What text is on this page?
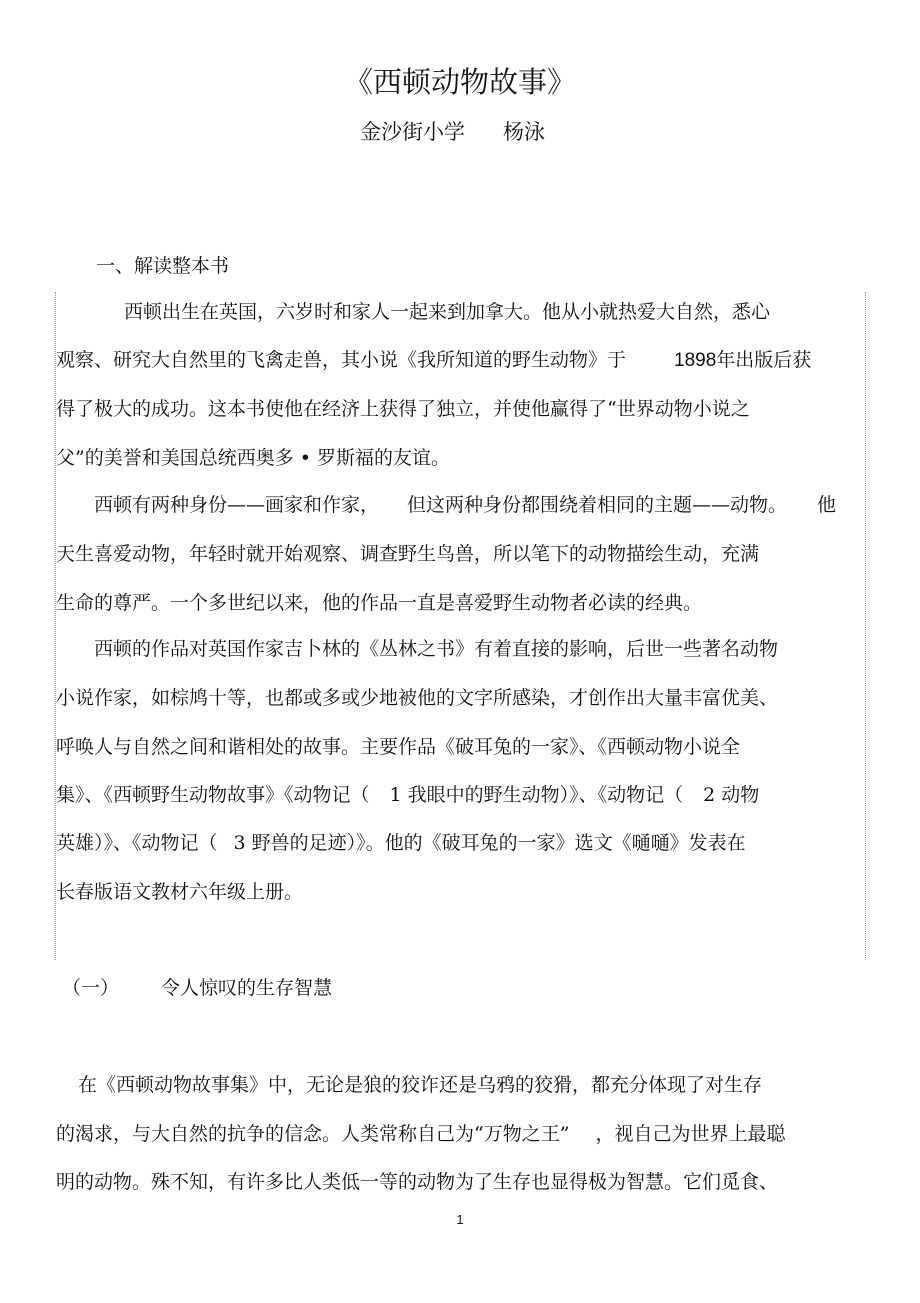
《西顿动物故事》
金沙街小学 杨泳
一、解读整本书
西顿出生在英国，六岁时和家人一起来到加拿大。他从小就热爱大自然，悉心
观察、研究大自然里的飞禽走兽，其小说《我所知道的野生动物》于	1898年出版后获
得了极大的成功。这本书使他在经济上获得了独立，并使他赢得了“世界动物小说之
父”的美誉和美国总统西奥多 • 罗斯福的友谊。
西顿有两种身份——画家和作家， 但这两种身份都围绕着相同的主题——动物。 他
天生喜爱动物，年轻时就开始观察、调查野生鸟兽，所以笔下的动物描绘生动，充满
生命的尊严。一个多世纪以来，他的作品一直是喜爱野生动物者必读的经典。
西顿的作品对英国作家吉卜林的《丛林之书》有着直接的影响，后世一些著名动物
小说作家，如棕鸠十等，也都或多或少地被他的文字所感染，才创作出大量丰富优美、
呼唤人与自然之间和谐相处的故事。主要作品《破耳兔的一家》、《西顿动物小说全
集》、《西顿野生动物故事》《动物记（ 1 我眼中的野生动物）》、《动物记（ 2 动物
英雄）》、《动物记（ 3 野兽的足迹）》。他的《破耳兔的一家》选文《嗵嗵》发表在
长春版语文教材六年级上册。
（一） 令人惊叹的生存智慧
在《西顿动物故事集》中，无论是狼的狡诈还是乌鸦的狡猾，都充分体现了对生存
的渴求，与大自然的抗争的信念。人类常称自己为“万物之王” ，视自己为世界上最聪
明的动物。殊不知，有许多比人类低一等的动物为了生存也显得极为智慧。它们觅食、
1
